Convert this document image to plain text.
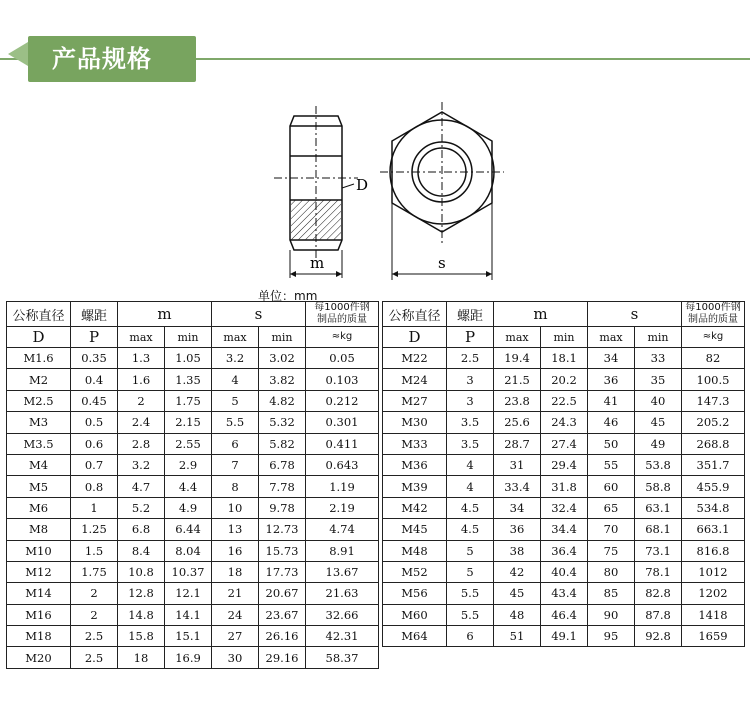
产品规格
D
m	s
单位：mm
公称直径	螺距	m		s		每1000件钢
制品的质量

D	P	max	min	max	min	≈kg

M1.6	0.35	1.3	1.05	3.2	3.02	0.05
M2	0.4	1.6	1.35	4	3.82	0.103
M2.5	0.45	2	1.75	5	4.82	0.212
M3	0.5	2.4	2.15	5.5	5.32	0.301
M3.5	0.6	2.8	2.55	6	5.82	0.411
M4	0.7	3.2	2.9	7	6.78	0.643
M5	0.8	4.7	4.4	8	7.78	1.19
M6	1	5.2	4.9	10	9.78	2.19
M8	1.25	6.8	6.44	13	12.73	4.74
M10	1.5	8.4	8.04	16	15.73	8.91
M12	1.75	10.8	10.37	18	17.73	13.67
M14	2	12.8	12.1	21	20.67	21.63
M16	2	14.8	14.1	24	23.67	32.66
M18	2.5	15.8	15.1	27	26.16	42.31
M20	2.5	18	16.9	30	29.16	58.37
公称直径	螺距	m		s		每1000件钢
制品的质量

D	P	max	min	max	min	≈kg

M22	2.5	19.4	18.1	34	33	82
M24	3	21.5	20.2	36	35	100.5
M27	3	23.8	22.5	41	40	147.3
M30	3.5	25.6	24.3	46	45	205.2
M33	3.5	28.7	27.4	50	49	268.8
M36	4	31	29.4	55	53.8	351.7
M39	4	33.4	31.8	60	58.8	455.9
M42	4.5	34	32.4	65	63.1	534.8
M45	4.5	36	34.4	70	68.1	663.1
M48	5	38	36.4	75	73.1	816.8
M52	5	42	40.4	80	78.1	1012
M56	5.5	45	43.4	85	82.8	1202
M60	5.5	48	46.4	90	87.8	1418
M64	6	51	49.1	95	92.8	1659
